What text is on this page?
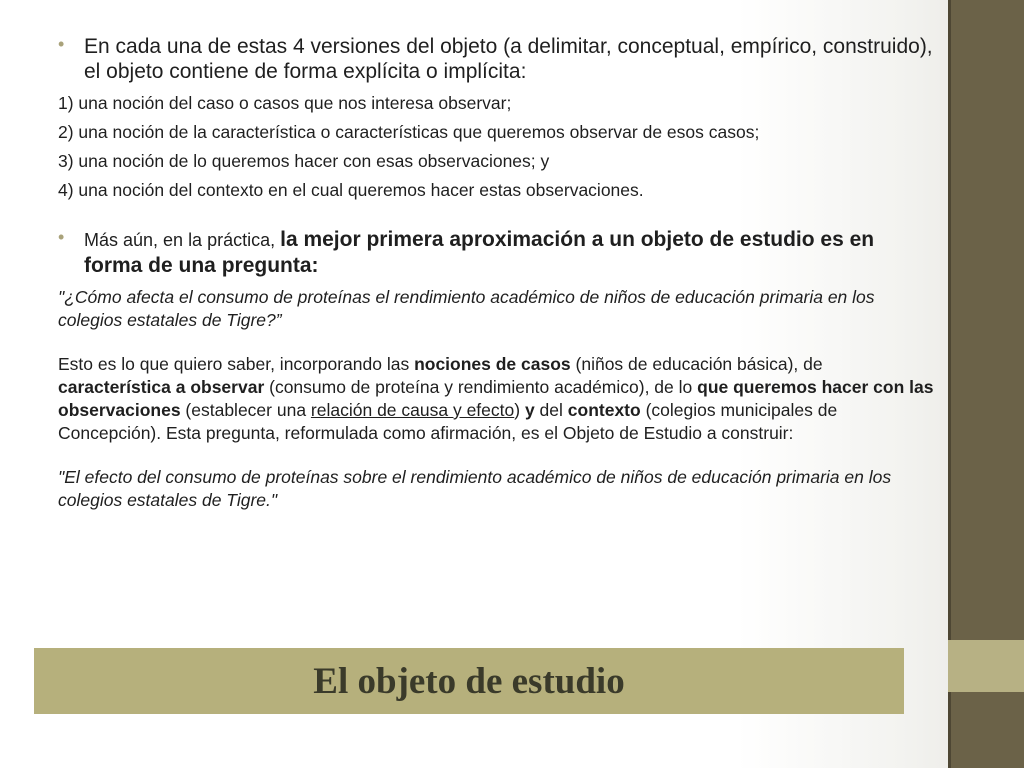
• En cada una de estas 4 versiones del objeto (a delimitar, conceptual, empírico, construido), el objeto contiene de forma explícita o implícita:
1) una noción del caso o casos que nos interesa observar;
2) una noción de la característica o características que queremos observar de esos casos;
3) una noción de lo queremos hacer con esas observaciones; y
4) una noción del contexto en el cual queremos hacer estas observaciones.
• Más aún, en la práctica, la mejor primera aproximación a un objeto de estudio es en forma de una pregunta:

"¿Cómo afecta el consumo de proteínas el rendimiento académico de niños de educación primaria en los colegios estatales de Tigre?”

Esto es lo que quiero saber, incorporando las nociones de casos (niños de educación básica), de característica a observar (consumo de proteína y rendimiento académico), de lo que queremos hacer con las observaciones (establecer una relación de causa y efecto) y del contexto (colegios municipales de Concepción). Esta pregunta, reformulada como afirmación, es el Objeto de Estudio a construir:

"El efecto del consumo de proteínas sobre el rendimiento académico de niños de educación primaria en los colegios estatales de Tigre."

El objeto de estudio
